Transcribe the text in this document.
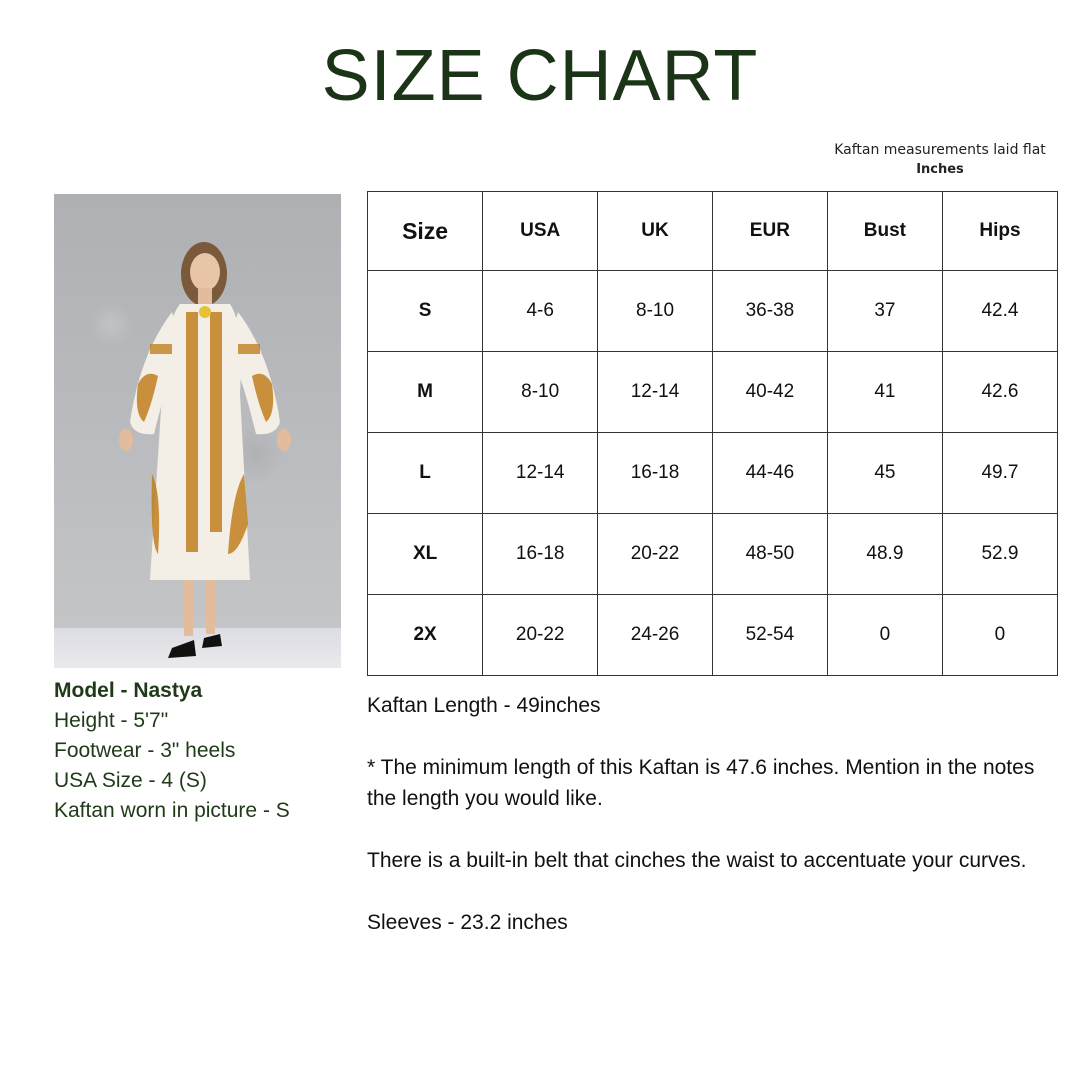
SIZE CHART
Kaftan measurements laid flat
Inches
Model - Nastya
Height - 5'7"
Footwear - 3" heels
USA Size - 4 (S)
Kaftan worn in picture - S
Size	USA	UK	EUR	Bust	Hips
S	4-6	8-10	36-38	37	42.4
M	8-10	12-14	40-42	41	42.6
L	12-14	16-18	44-46	45	49.7
XL	16-18	20-22	48-50	48.9	52.9
2X	20-22	24-26	52-54	0	0

Kaftan Length - 49inches

* The minimum length of this Kaftan is 47.6 inches. Mention in the notes the length you would like.

There is a built-in belt that cinches the waist to accentuate your curves.

Sleeves - 23.2 inches
